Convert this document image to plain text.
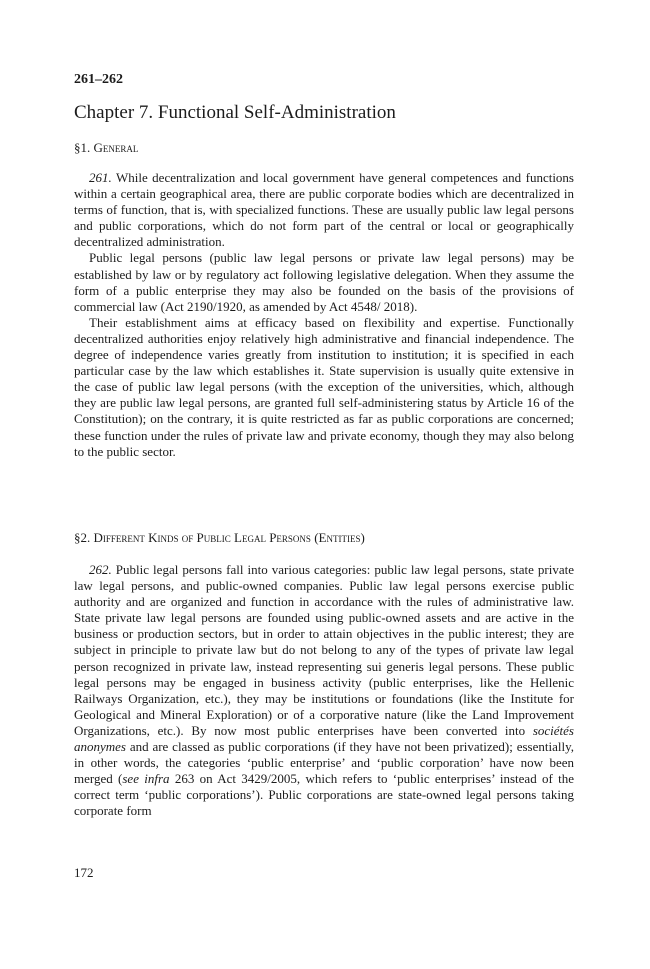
261–262
Chapter 7. Functional Self-Administration
§1. General

261. While decentralization and local government have general competences and functions within a certain geographical area, there are public corporate bodies which are decentralized in terms of function, that is, with specialized functions. These are usually public law legal persons and public corporations, which do not form part of the central or local or geographically decentralized administration.

Public legal persons (public law legal persons or private law legal persons) may be established by law or by regulatory act following legislative delegation. When they assume the form of a public enterprise they may also be founded on the basis of the provisions of commercial law (Act 2190/1920, as amended by Act 4548/ 2018).

Their establishment aims at efficacy based on flexibility and expertise. Functionally decentralized authorities enjoy relatively high administrative and financial independence. The degree of independence varies greatly from institution to institution; it is specified in each particular case by the law which establishes it. State supervision is usually quite extensive in the case of public law legal persons (with the exception of the universities, which, although they are public law legal persons, are granted full self-administering status by Article 16 of the Constitution); on the contrary, it is quite restricted as far as public corporations are concerned; these function under the rules of private law and private economy, though they may also belong to the public sector.

§2. Different Kinds of Public Legal Persons (Entities)

262. Public legal persons fall into various categories: public law legal persons, state private law legal persons, and public-owned companies. Public law legal persons exercise public authority and are organized and function in accordance with the rules of administrative law. State private law legal persons are founded using public-owned assets and are active in the business or production sectors, but in order to attain objectives in the public interest; they are subject in principle to private law but do not belong to any of the types of private law legal person recognized in private law, instead representing sui generis legal persons. These public legal persons may be engaged in business activity (public enterprises, like the Hellenic Railways Organization, etc.), they may be institutions or foundations (like the Institute for Geological and Mineral Exploration) or of a corporative nature (like the Land Improvement Organizations, etc.). By now most public enterprises have been converted into sociétés anonymes and are classed as public corporations (if they have not been privatized); essentially, in other words, the categories ‘public enterprise’ and ‘public corporation’ have now been merged (see infra 263 on Act 3429/2005, which refers to ‘public enterprises’ instead of the correct term ‘public corporations’). Public corporations are state-owned legal persons taking corporate form

172
